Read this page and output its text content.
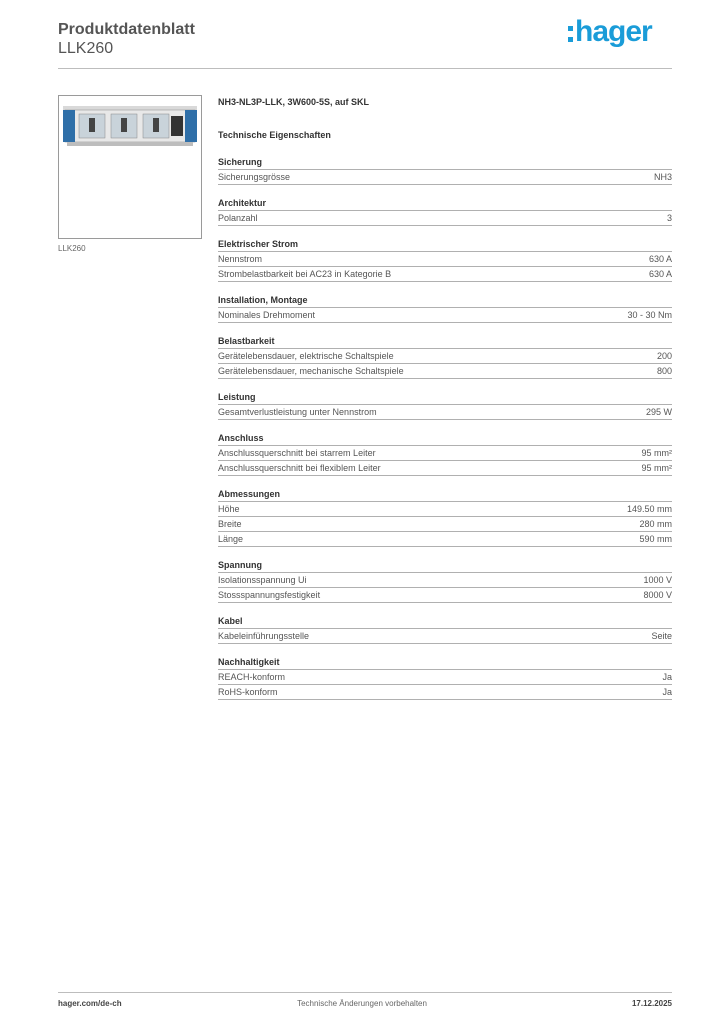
Produktdatenblatt
LLK260
hager
LLK260
NH3-NL3P-LLK, 3W600-5S, auf SKL
Technische Eigenschaften
Sicherung
Sicherungsgrösse	NH3
Architektur
Polanzahl	3
Elektrischer Strom
Nennstrom	630 A
Strombelastbarkeit bei AC23 in Kategorie B	630 A
Installation, Montage
Nominales Drehmoment	30 - 30 Nm
Belastbarkeit
Gerätelebensdauer, elektrische Schaltspiele	200
Gerätelebensdauer, mechanische Schaltspiele	800
Leistung
Gesamtverlustleistung unter Nennstrom	295 W
Anschluss
Anschlussquerschnitt bei starrem Leiter	95 mm²
Anschlussquerschnitt bei flexiblem Leiter	95 mm²
Abmessungen
Höhe	149.50 mm
Breite	280 mm
Länge	590 mm
Spannung
Isolationsspannung Ui	1000 V
Stossspannungsfestigkeit	8000 V
Kabel
Kabeleinführungsstelle	Seite
Nachhaltigkeit
REACH-konform	Ja
RoHS-konform	Ja
hager.com/de-ch	Technische Änderungen vorbehalten	17.12.2025
